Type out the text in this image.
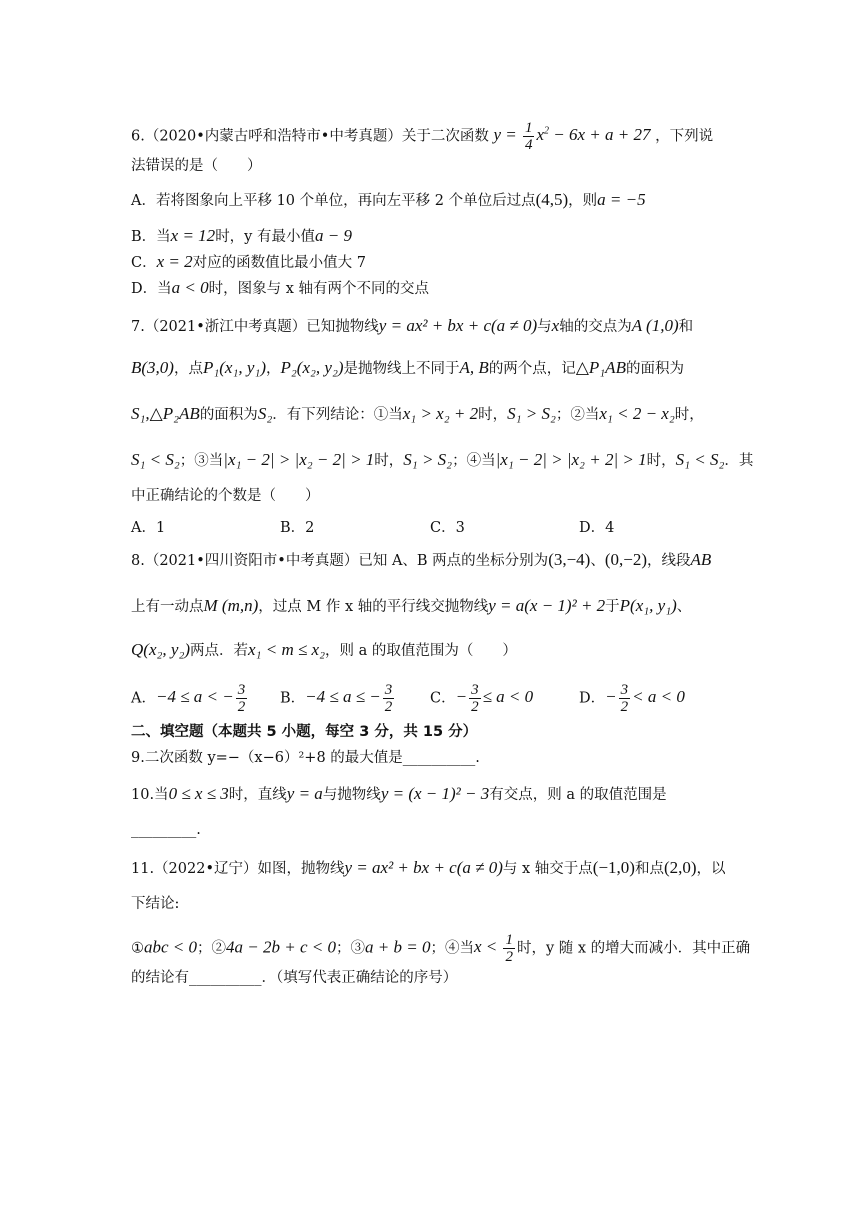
6.（2020•内蒙古呼和浩特市•中考真题）关于二次函数 $y = \frac{1}{4} x^2 - 6x + a + 27$ ，下列说
法错误的是（　　）
A．若将图象向上平移 10 个单位，再向左平移 2 个单位后过点(4,5)，则a = −5
B．当x = 12时，y 有最小值a − 9
C．x = 2对应的函数值比最小值大 7
D．当a < 0时，图象与 x 轴有两个不同的交点
7.（2021•浙江中考真题）已知抛物线y = ax² + bx + c(a ≠ 0)与x轴的交点为A (1,0)和
B(3,0)，点P₁(x₁, y₁)，P₂(x₂, y₂)是抛物线上不同于A, B的两个点，记△P₁AB的面积为
S₁,△P₂AB的面积为S₂．有下列结论：①当x₁ > x₂ + 2时，S₁ > S₂；②当x₁ < 2 − x₂时，
S₁ < S₂；③当|x₁ − 2| > |x₂ − 2| > 1时，S₁ > S₂；④当|x₁ − 2| > |x₂ + 2| > 1时，S₁ < S₂．其
中正确结论的个数是（　　）
A．1	B．2	C．3	D．4
8.（2021•四川资阳市•中考真题）已知 A、B 两点的坐标分别为(3,−4)、(0,−2)，线段AB
上有一动点M (m,n)，过点 M 作 x 轴的平行线交抛物线y = a(x − 1)² + 2于P(x₁, y₁)、
Q(x₂, y₂)两点．若x₁ < m ≤ x₂，则 a 的取值范围为（　　）
A．−4 ≤ a < − $\frac{3}{2}$ B．−4 ≤ a ≤ − $\frac{3}{2}$ C．− $\frac{3}{2} \le a < 0$	D．− $\frac{3}{2} < a < 0$
二、填空题（本题共 5 小题，每空 3 分，共 15 分）
9.二次函数 y=−（x−6）²+8 的最大值是__________.
10.当0 ≤ x ≤ 3时，直线y = a与抛物线y = (x − 1)² − 3有交点，则 a 的取值范围是
_________.
11.（2022•辽宁）如图，抛物线y = ax² + bx + c(a ≠ 0)与 x 轴交于点(−1,0)和点(2,0)，以
下结论:
①abc < 0；②4a − 2b + c < 0；③a + b = 0；④当$x < \frac{1}{2}$ 时，y 随 x 的增大而减小．其中正确
的结论有__________．（填写代表正确结论的序号）
